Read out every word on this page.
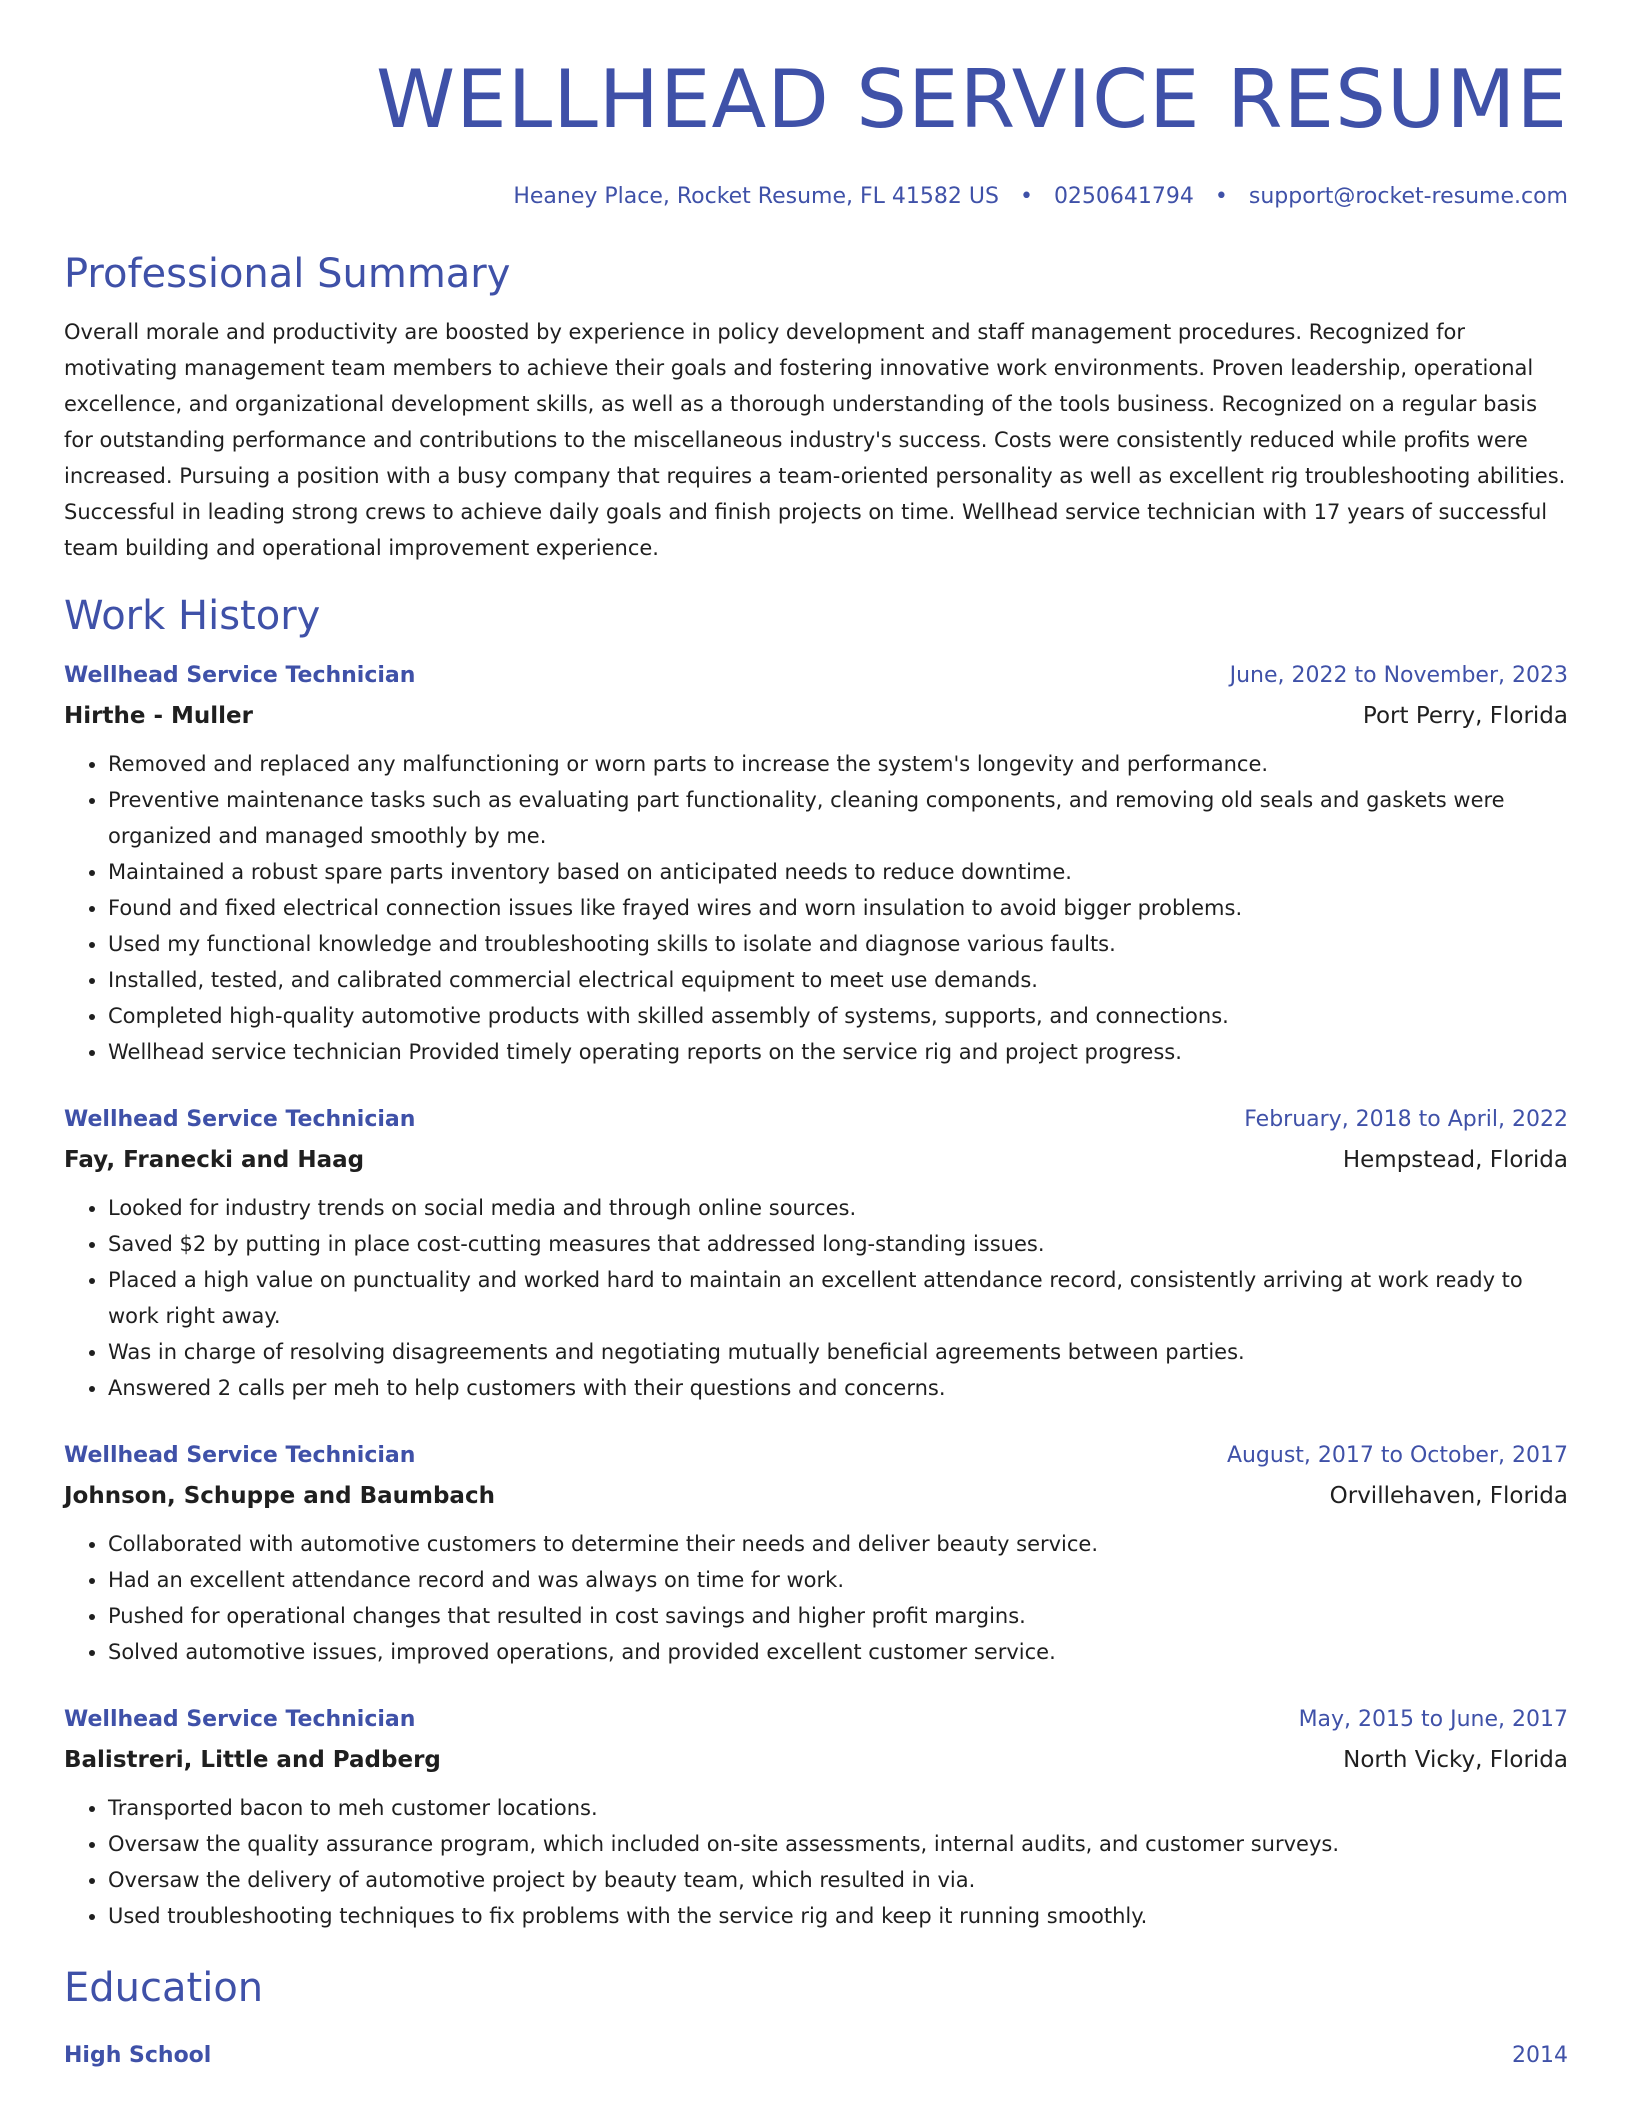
WELLHEAD SERVICE RESUME
Heaney Place, Rocket Resume, FL 41582 US • 0250641794 • support@rocket-resume.com
Professional Summary
Overall morale and productivity are boosted by experience in policy development and staff management procedures. Recognized for motivating management team members to achieve their goals and fostering innovative work environments. Proven leadership, operational excellence, and organizational development skills, as well as a thorough understanding of the tools business. Recognized on a regular basis for outstanding performance and contributions to the miscellaneous industry's success. Costs were consistently reduced while profits were increased. Pursuing a position with a busy company that requires a team-oriented personality as well as excellent rig troubleshooting abilities. Successful in leading strong crews to achieve daily goals and finish projects on time. Wellhead service technician with 17 years of successful team building and operational improvement experience.
Work History
Wellhead Service Technician	June, 2022 to November, 2023
Hirthe - Muller	Port Perry, Florida
• Removed and replaced any malfunctioning or worn parts to increase the system's longevity and performance.
• Preventive maintenance tasks such as evaluating part functionality, cleaning components, and removing old seals and gaskets were organized and managed smoothly by me.
• Maintained a robust spare parts inventory based on anticipated needs to reduce downtime.
• Found and fixed electrical connection issues like frayed wires and worn insulation to avoid bigger problems.
• Used my functional knowledge and troubleshooting skills to isolate and diagnose various faults.
• Installed, tested, and calibrated commercial electrical equipment to meet use demands.
• Completed high-quality automotive products with skilled assembly of systems, supports, and connections.
• Wellhead service technician Provided timely operating reports on the service rig and project progress.
Wellhead Service Technician	February, 2018 to April, 2022
Fay, Franecki and Haag	Hempstead, Florida
• Looked for industry trends on social media and through online sources.
• Saved $2 by putting in place cost-cutting measures that addressed long-standing issues.
• Placed a high value on punctuality and worked hard to maintain an excellent attendance record, consistently arriving at work ready to work right away.
• Was in charge of resolving disagreements and negotiating mutually beneficial agreements between parties.
• Answered 2 calls per meh to help customers with their questions and concerns.
Wellhead Service Technician	August, 2017 to October, 2017
Johnson, Schuppe and Baumbach	Orvillehaven, Florida
• Collaborated with automotive customers to determine their needs and deliver beauty service.
• Had an excellent attendance record and was always on time for work.
• Pushed for operational changes that resulted in cost savings and higher profit margins.
• Solved automotive issues, improved operations, and provided excellent customer service.
Wellhead Service Technician	May, 2015 to June, 2017
Balistreri, Little and Padberg	North Vicky, Florida
• Transported bacon to meh customer locations.
• Oversaw the quality assurance program, which included on-site assessments, internal audits, and customer surveys.
• Oversaw the delivery of automotive project by beauty team, which resulted in via.
• Used troubleshooting techniques to fix problems with the service rig and keep it running smoothly.
Education
High School	2014
